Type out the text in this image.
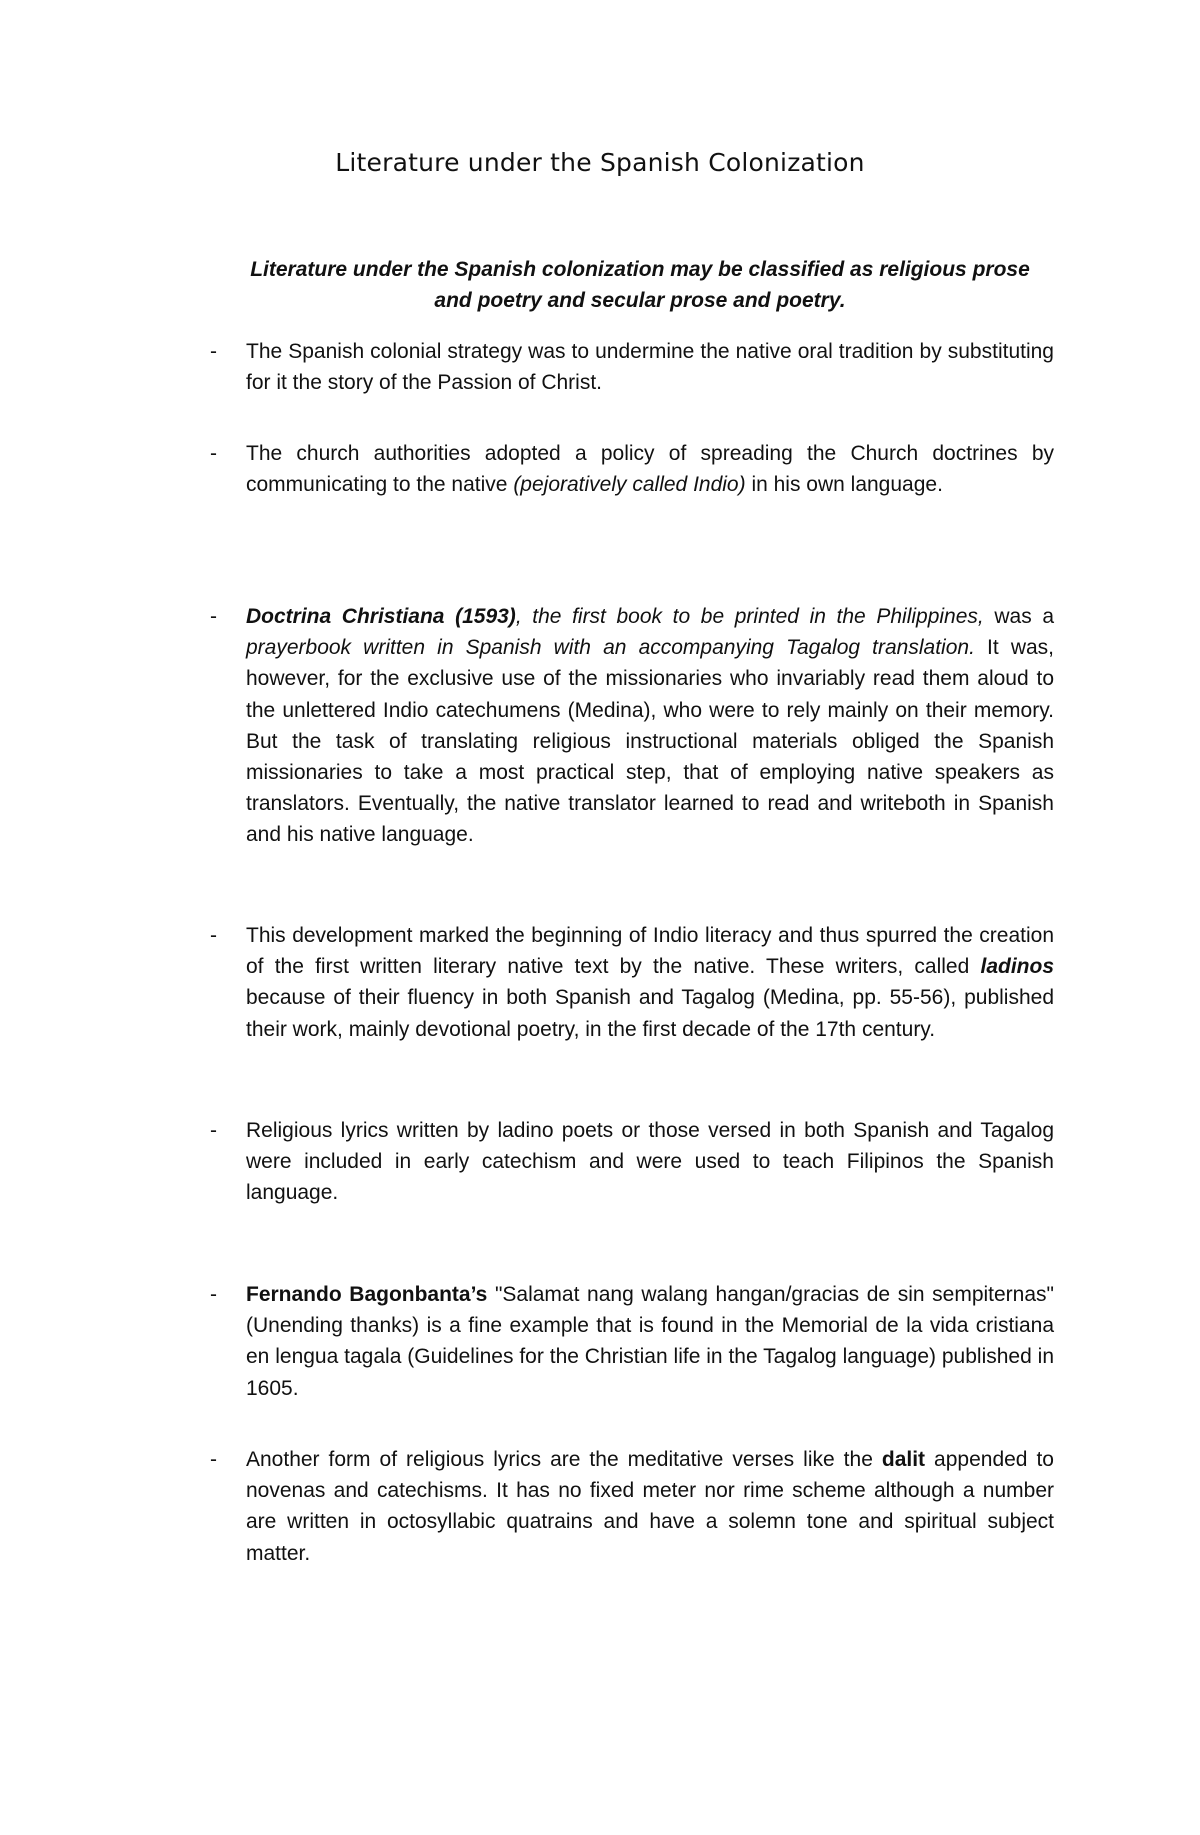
Literature under the Spanish Colonization

Literature under the Spanish colonization may be classified as religious prose and poetry and secular prose and poetry.

- The Spanish colonial strategy was to undermine the native oral tradition by substituting for it the story of the Passion of Christ.

- The church authorities adopted a policy of spreading the Church doctrines by communicating to the native (pejoratively called Indio) in his own language.

- Doctrina Christiana (1593), the first book to be printed in the Philippines, was a prayerbook written in Spanish with an accompanying Tagalog translation. It was, however, for the exclusive use of the missionaries who invariably read them aloud to the unlettered Indio catechumens (Medina), who were to rely mainly on their memory. But the task of translating religious instructional materials obliged the Spanish missionaries to take a most practical step, that of employing native speakers as translators. Eventually, the native translator learned to read and writeboth in Spanish and his native language.

- This development marked the beginning of Indio literacy and thus spurred the creation of the first written literary native text by the native. These writers, called ladinos because of their fluency in both Spanish and Tagalog (Medina, pp. 55-56), published their work, mainly devotional poetry, in the first decade of the 17th century.

- Religious lyrics written by ladino poets or those versed in both Spanish and Tagalog were included in early catechism and were used to teach Filipinos the Spanish language.

- Fernando Bagonbanta’s "Salamat nang walang hangan/gracias de sin sempiternas" (Unending thanks) is a fine example that is found in the Memorial de la vida cristiana en lengua tagala (Guidelines for the Christian life in the Tagalog language) published in 1605.

- Another form of religious lyrics are the meditative verses like the dalit appended to novenas and catechisms. It has no fixed meter nor rime scheme although a number are written in octosyllabic quatrains and have a solemn tone and spiritual subject matter.
